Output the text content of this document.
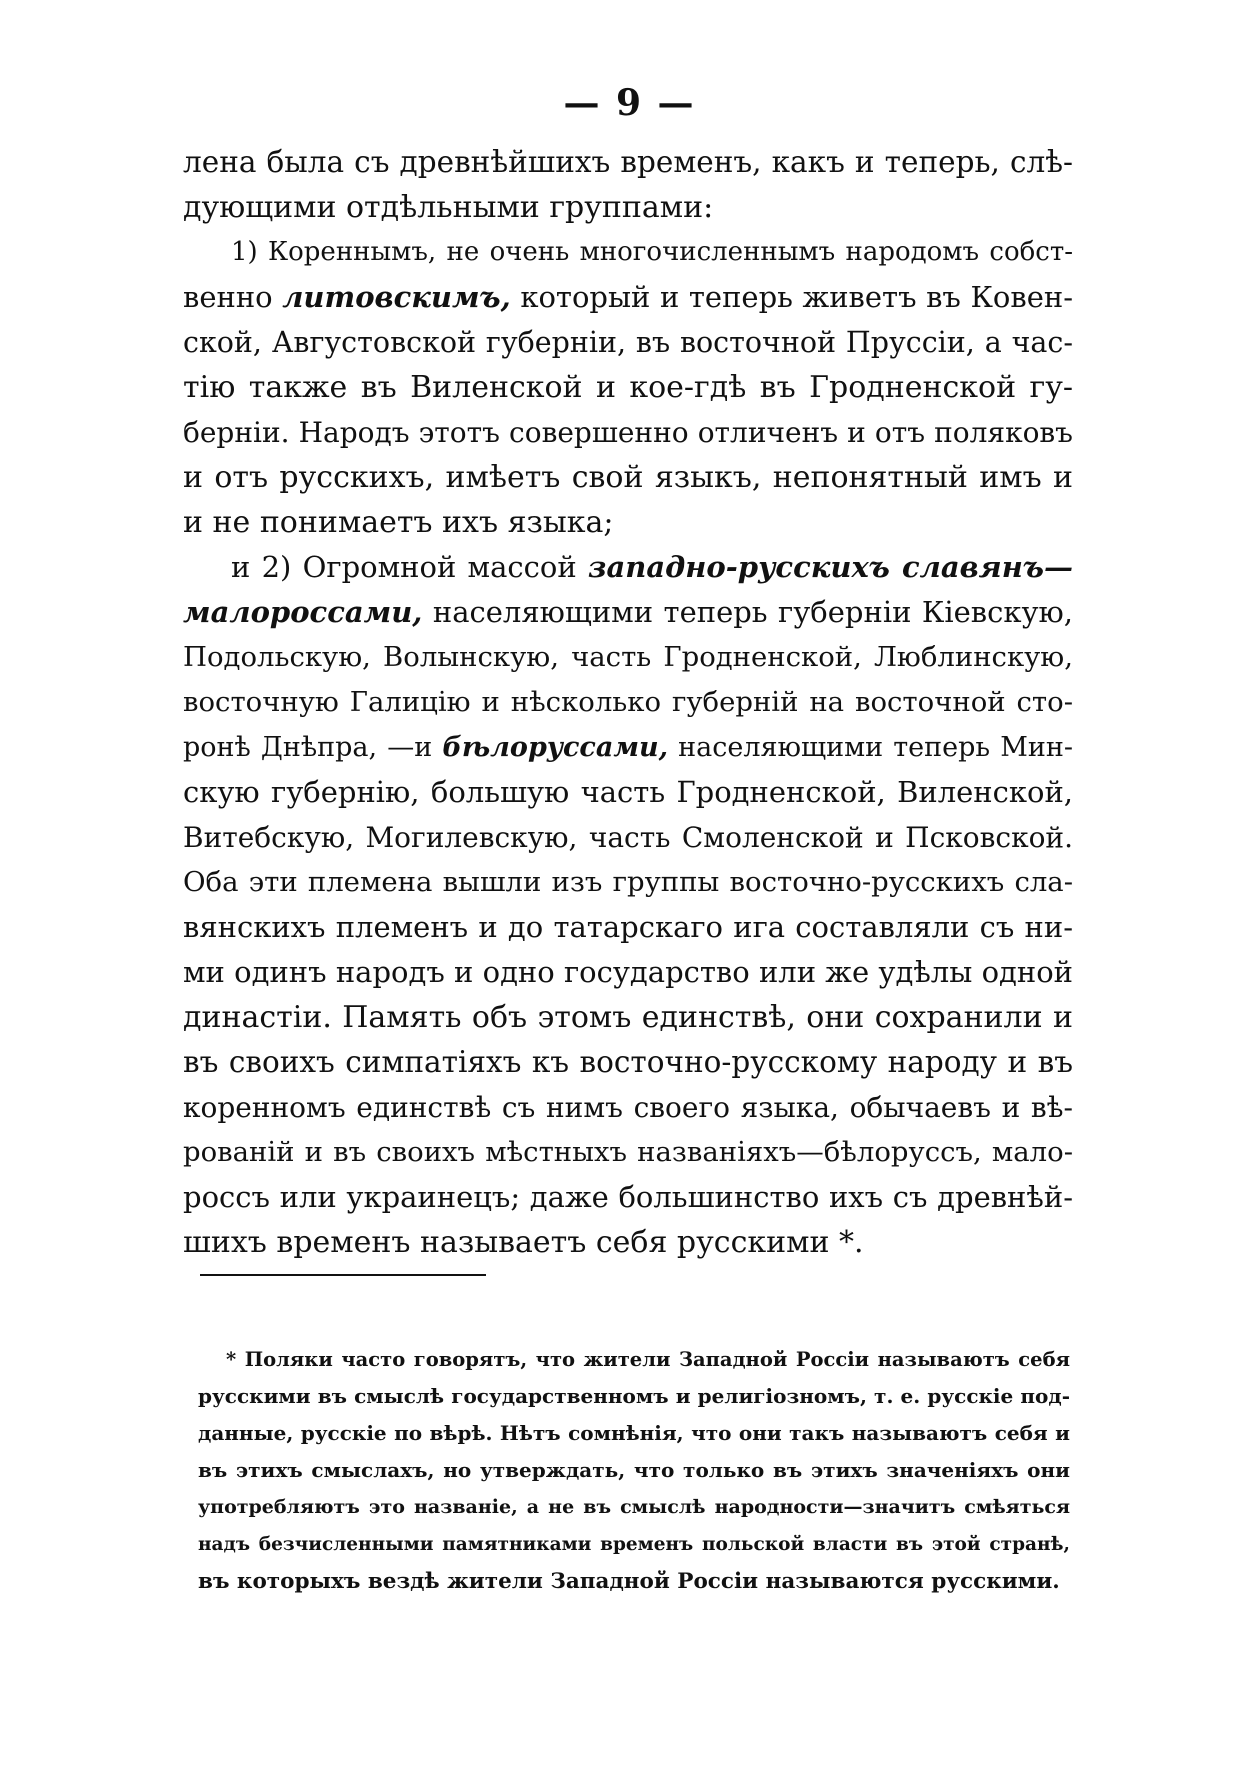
— 9 —
лена была съ древнѣйшихъ временъ, какъ и теперь, слѣ-
дующими отдѣльными группами:
1) Кореннымъ, не очень многочисленнымъ народомъ собст-
венно литовскимъ, который и теперь живетъ въ Ковен-
ской, Августовской губерніи, въ восточной Пруссіи, а час-
тію также въ Виленской и кое-гдѣ въ Гродненской гу-
берніи. Народъ этотъ совершенно отличенъ и отъ поляковъ
и отъ русскихъ, имѣетъ свой языкъ, непонятный имъ и
и не понимаетъ ихъ языка;
и 2) Огромной массой западно-русскихъ славянъ—
малороссами, населяющими теперь губерніи Кіевскую,
Подольскую, Волынскую, часть Гродненской, Люблинскую,
восточную Галицію и нѣсколько губерній на восточной сто-
ронѣ Днѣпра, —и бѣлоруссами, населяющими теперь Мин-
скую губернію, большую часть Гродненской, Виленской,
Витебскую, Могилевскую, часть Смоленской и Псковской.
Оба эти племена вышли изъ группы восточно-русскихъ сла-
вянскихъ племенъ и до татарскаго ига составляли съ ни-
ми одинъ народъ и одно государство или же удѣлы одной
династіи. Память объ этомъ единствѣ, они сохранили и
въ своихъ симпатіяхъ къ восточно-русскому народу и въ
коренномъ единствѣ съ нимъ своего языка, обычаевъ и вѣ-
рованій и въ своихъ мѣстныхъ названіяхъ—бѣлоруссъ, мало-
россъ или украинецъ; даже большинство ихъ съ древнѣй-
шихъ временъ называетъ себя русскими *.
* Поляки часто говорятъ, что жители Западной Россіи называютъ себя
русскими въ смыслѣ государственномъ и религіозномъ, т. е. русскіе под-
данные, русскіе по вѣрѣ. Нѣтъ сомнѣнія, что они такъ называютъ себя и
въ этихъ смыслахъ, но утверждать, что только въ этихъ значеніяхъ они
употребляютъ это названіе, а не въ смыслѣ народности—значитъ смѣяться
надъ безчисленными памятниками временъ польской власти въ этой странѣ,
въ которыхъ вездѣ жители Западной Россіи называются русскими.
